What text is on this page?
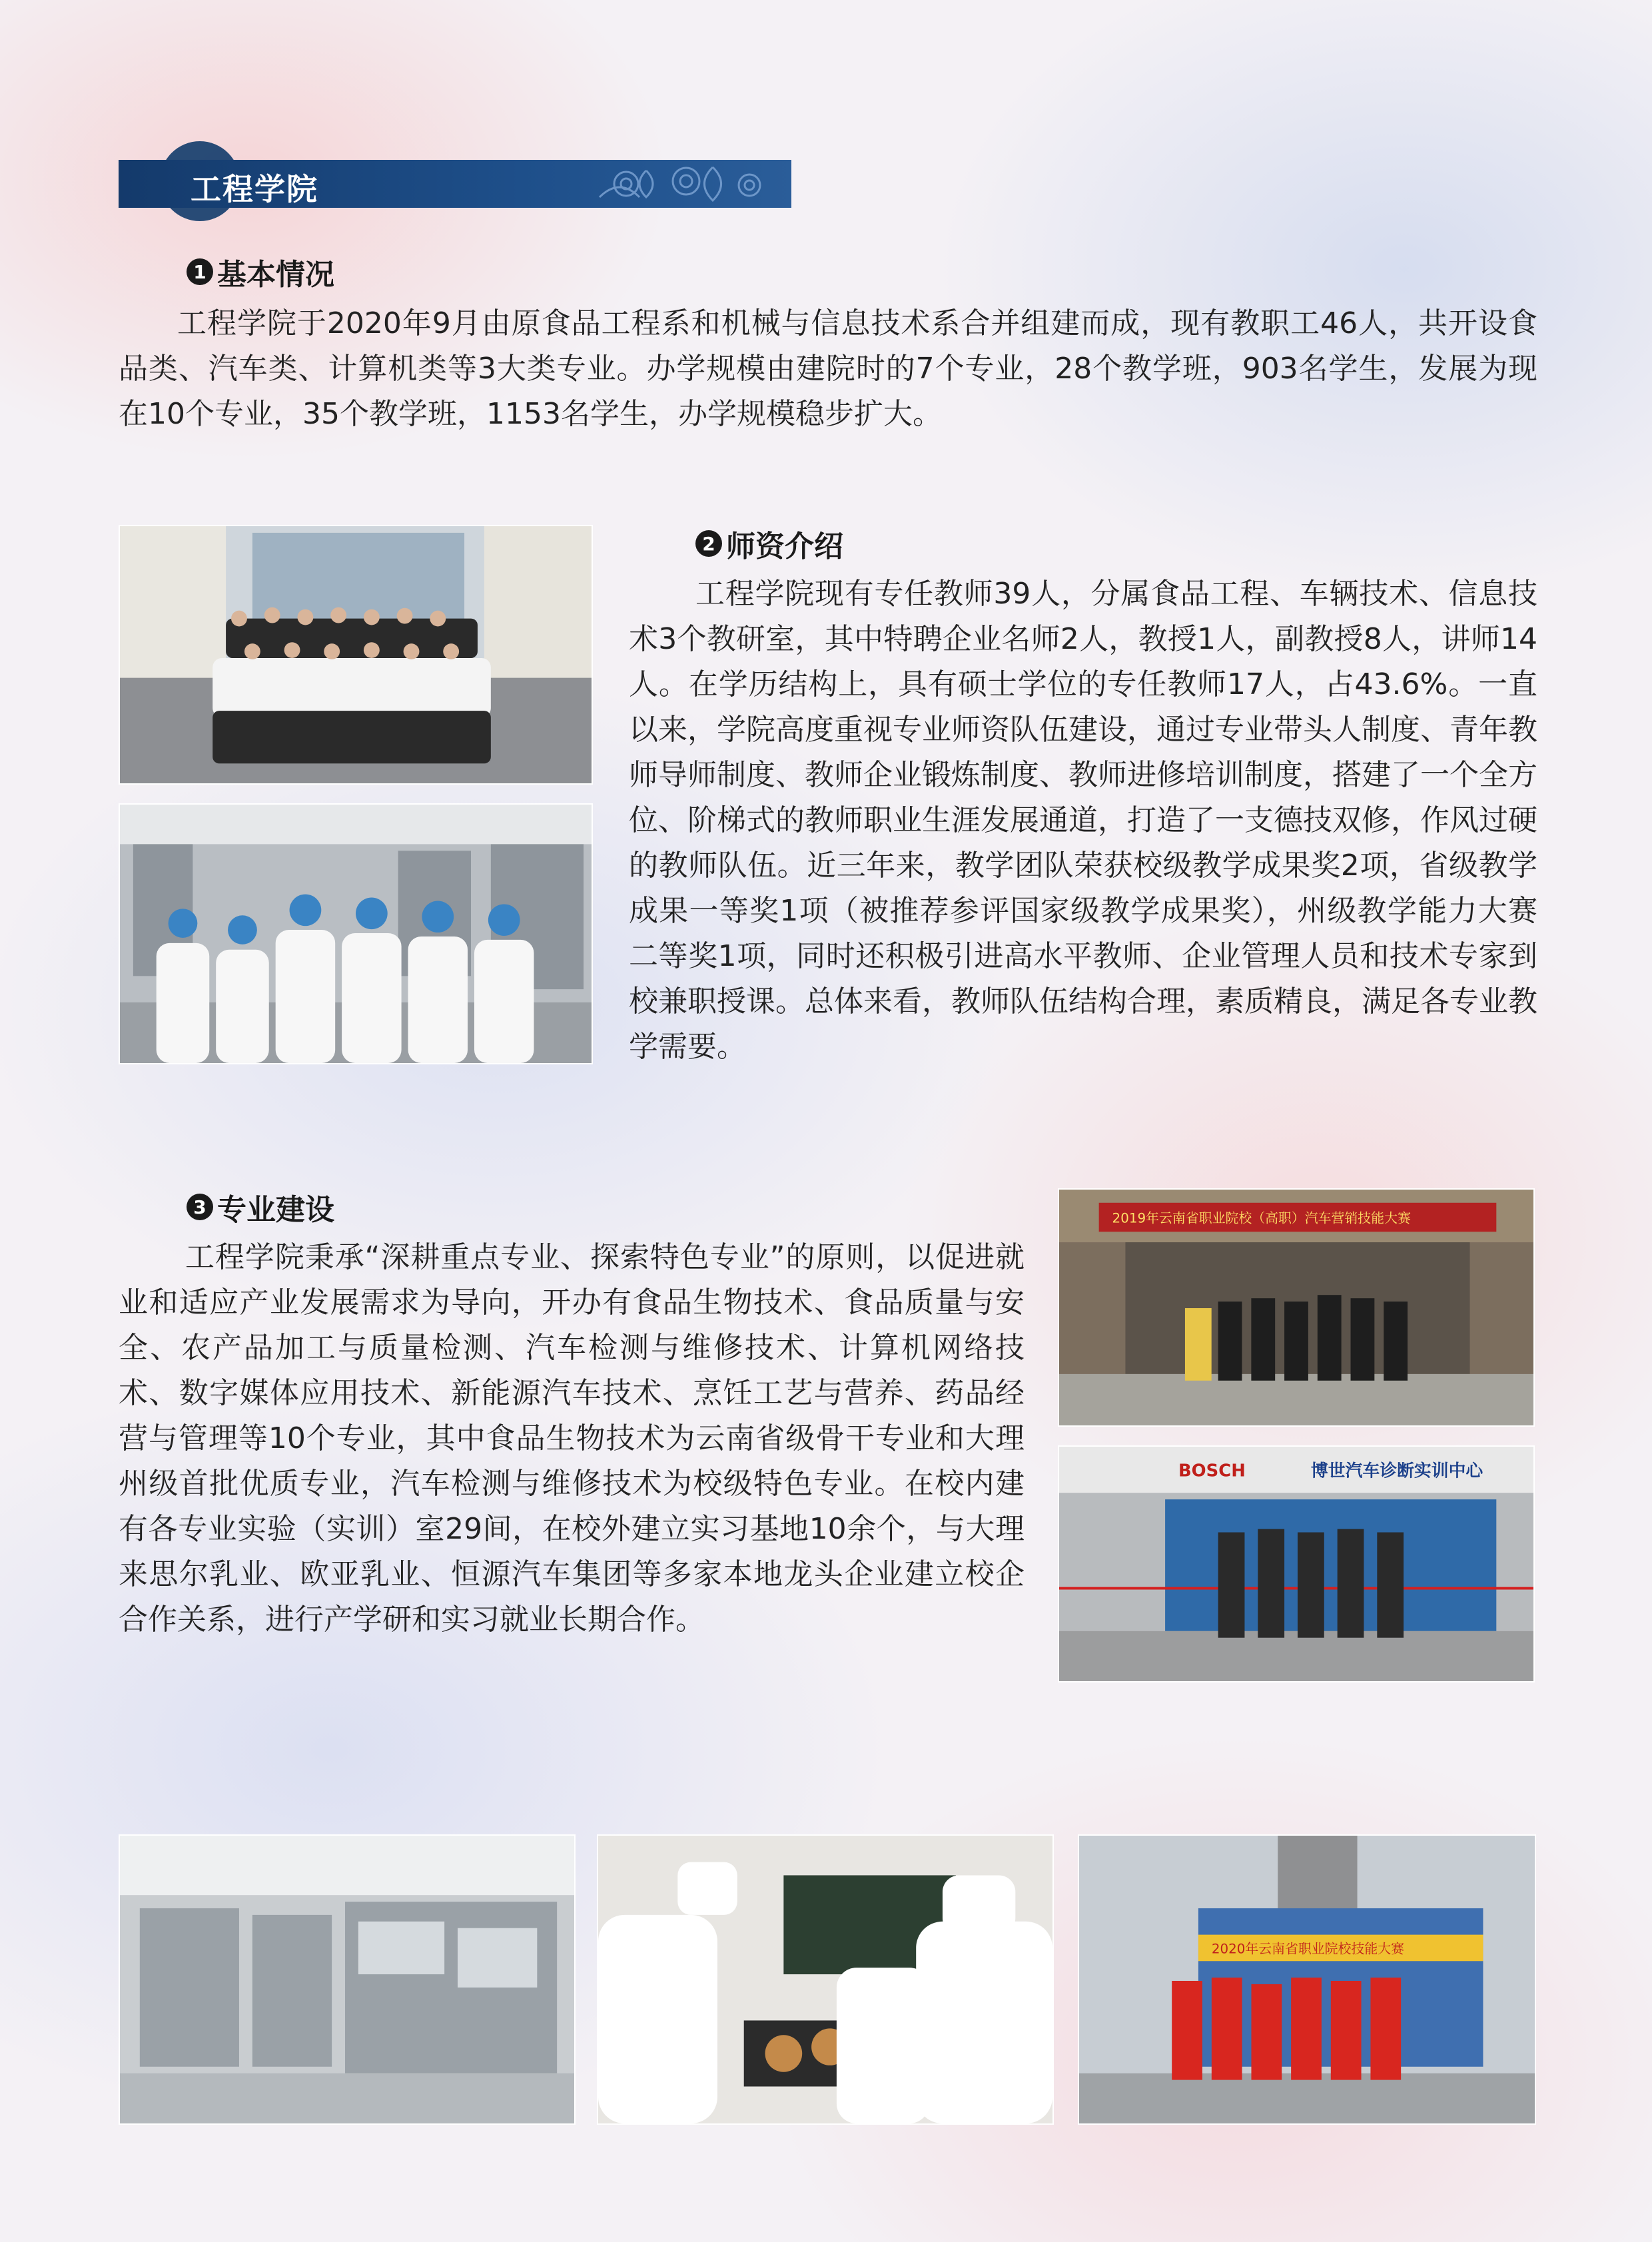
工程学院
1 基本情况

工程学院于2020年9月由原食品工程系和机械与信息技术系合并组建而成，现有教职工46人，共开设食品类、汽车类、计算机类等3大类专业。办学规模由建院时的7个专业，28个教学班，903名学生，发展为现在10个专业，35个教学班，1153名学生，办学规模稳步扩大。

2 师资介绍

工程学院现有专任教师39人，分属食品工程、车辆技术、信息技术3个教研室，其中特聘企业名师2人，教授1人，副教授8人，讲师14人。在学历结构上，具有硕士学位的专任教师17人，占43.6%。一直以来，学院高度重视专业师资队伍建设，通过专业带头人制度、青年教师导师制度、教师企业锻炼制度、教师进修培训制度，搭建了一个全方位、阶梯式的教师职业生涯发展通道，打造了一支德技双修，作风过硬的教师队伍。近三年来，教学团队荣获校级教学成果奖2项，省级教学成果一等奖1项（被推荐参评国家级教学成果奖），州级教学能力大赛二等奖1项，同时还积极引进高水平教师、企业管理人员和技术专家到校兼职授课。总体来看，教师队伍结构合理，素质精良，满足各专业教学需要。

3 专业建设

工程学院秉承“深耕重点专业、探索特色专业”的原则，以促进就业和适应产业发展需求为导向，开办有食品生物技术、食品质量与安全、农产品加工与质量检测、汽车检测与维修技术、计算机网络技术、数字媒体应用技术、新能源汽车技术、烹饪工艺与营养、药品经营与管理等10个专业，其中食品生物技术为云南省级骨干专业和大理州级首批优质专业，汽车检测与维修技术为校级特色专业。在校内建有各专业实验（实训）室29间，在校外建立实习基地10余个，与大理来思尔乳业、欧亚乳业、恒源汽车集团等多家本地龙头企业建立校企合作关系，进行产学研和实习就业长期合作。

2019年云南省职业院校（高职）汽车营销技能大赛
BOSCH	博世汽车诊断实训中心
2020年云南省职业院校技能大赛
